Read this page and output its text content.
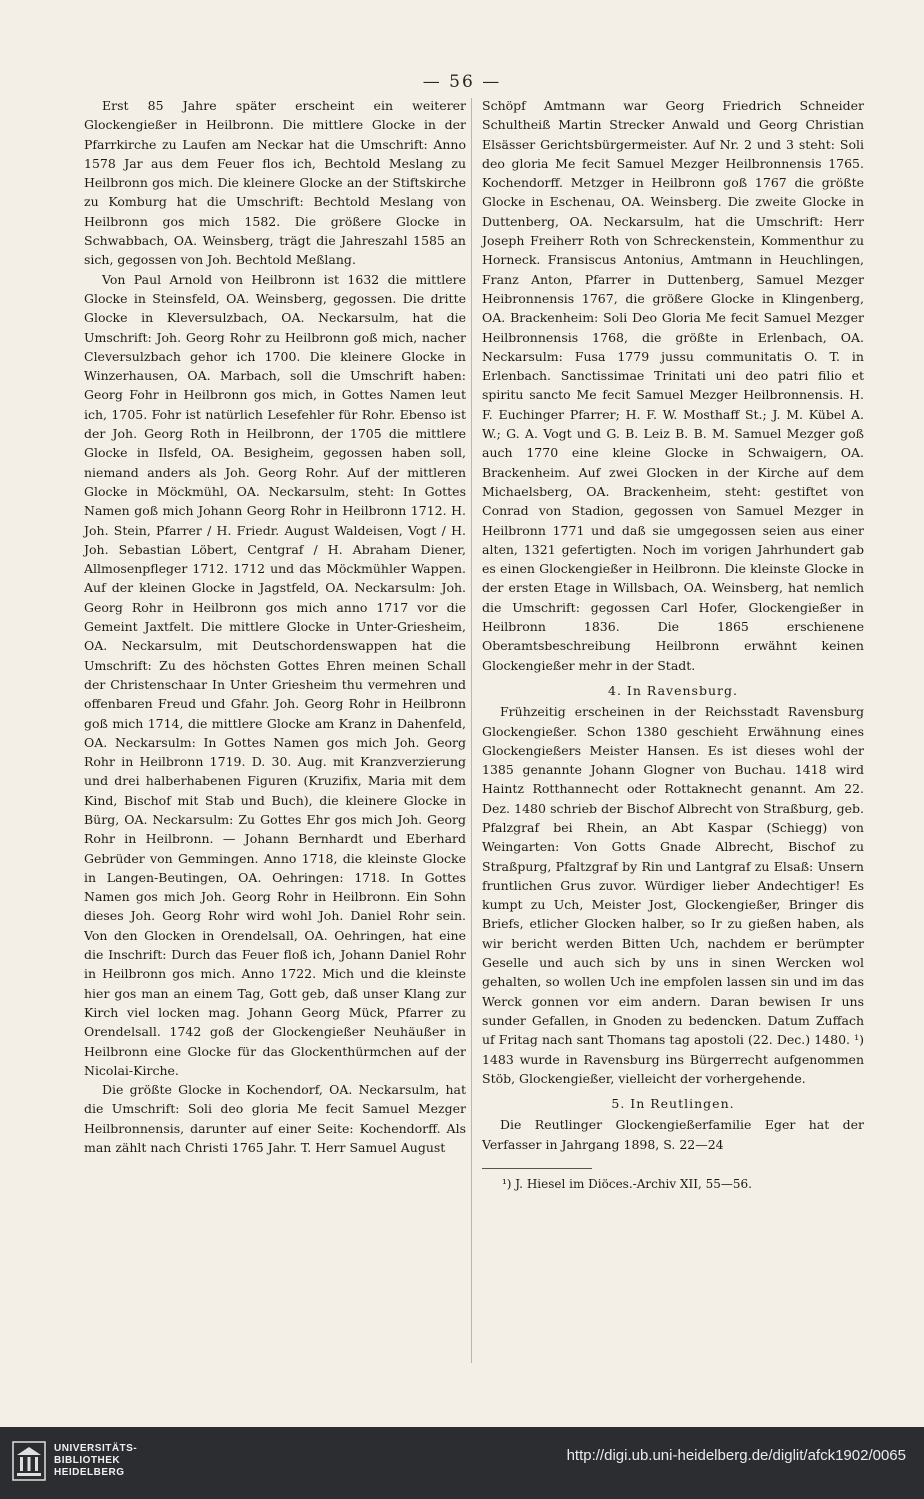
— 56 —

Erst 85 Jahre später erscheint ein weiterer Glockengießer in Heilbronn. Die mittlere Glocke in der Pfarrkirche zu Laufen am Neckar hat die Umschrift: Anno 1578 Jar aus dem Feuer flos ich, Bechtold Meslang zu Heilbronn gos mich. Die kleinere Glocke an der Stiftskirche zu Komburg hat die Umschrift: Bechtold Meslang von Heilbronn gos mich 1582. Die größere Glocke in Schwabbach, OA. Weinsberg, trägt die Jahreszahl 1585 an sich, gegossen von Joh. Bechtold Meßlang.

Von Paul Arnold von Heilbronn ist 1632 die mittlere Glocke in Steinsfeld, OA. Weinsberg, gegossen. Die dritte Glocke in Kleversulzbach, OA. Neckarsulm, hat die Umschrift: Joh. Georg Rohr zu Heilbronn goß mich, nacher Cleversulzbach gehor ich 1700. Die kleinere Glocke in Winzerhausen, OA. Marbach, soll die Umschrift haben: Georg Fohr in Heilbronn gos mich, in Gottes Namen leut ich, 1705. Fohr ist natürlich Lesefehler für Rohr. Ebenso ist der Joh. Georg Roth in Heilbronn, der 1705 die mittlere Glocke in Ilsfeld, OA. Besigheim, gegossen haben soll, niemand anders als Joh. Georg Rohr. Auf der mittleren Glocke in Möckmühl, OA. Neckarsulm, steht: In Gottes Namen goß mich Johann Georg Rohr in Heilbronn 1712. H. Joh. Stein, Pfarrer / H. Friedr. August Waldeisen, Vogt / H. Joh. Sebastian Löbert, Centgraf / H. Abraham Diener, Allmosenpfleger 1712. 1712 und das Möckmühler Wappen. Auf der kleinen Glocke in Jagstfeld, OA. Neckarsulm: Joh. Georg Rohr in Heilbronn gos mich anno 1717 vor die Gemeint Jaxtfelt. Die mittlere Glocke in Unter-Griesheim, OA. Neckarsulm, mit Deutschordenswappen hat die Umschrift: Zu des höchsten Gottes Ehren meinen Schall der Christenschaar In Unter Griesheim thu vermehren und offenbaren Freud und Gfahr. Joh. Georg Rohr in Heilbronn goß mich 1714, die mittlere Glocke am Kranz in Dahenfeld, OA. Neckarsulm: In Gottes Namen gos mich Joh. Georg Rohr in Heilbronn 1719. D. 30. Aug. mit Kranzverzierung und drei halberhabenen Figuren (Kruzifix, Maria mit dem Kind, Bischof mit Stab und Buch), die kleinere Glocke in Bürg, OA. Neckarsulm: Zu Gottes Ehr gos mich Joh. Georg Rohr in Heilbronn. — Johann Bernhardt und Eberhard Gebrüder von Gemmingen. Anno 1718, die kleinste Glocke in Langen-Beutingen, OA. Oehringen: 1718. In Gottes Namen gos mich Joh. Georg Rohr in Heilbronn. Ein Sohn dieses Joh. Georg Rohr wird wohl Joh. Daniel Rohr sein. Von den Glocken in Orendelsall, OA. Oehringen, hat eine die Inschrift: Durch das Feuer floß ich, Johann Daniel Rohr in Heilbronn gos mich. Anno 1722. Mich und die kleinste hier gos man an einem Tag, Gott geb, daß unser Klang zur Kirch viel locken mag. Johann Georg Mück, Pfarrer zu Orendelsall. 1742 goß der Glockengießer Neuhäußer in Heilbronn eine Glocke für das Glockenthürmchen auf der Nicolai-Kirche.

Die größte Glocke in Kochendorf, OA. Neckarsulm, hat die Umschrift: Soli deo gloria Me fecit Samuel Mezger Heilbronnensis, darunter auf einer Seite: Kochendorff. Als man zählt nach Christi 1765 Jahr. T. Herr Samuel August

Schöpf Amtmann war Georg Friedrich Schneider Schultheiß Martin Strecker Anwald und Georg Christian Elsässer Gerichtsbürgermeister. Auf Nr. 2 und 3 steht: Soli deo gloria Me fecit Samuel Mezger Heilbronnensis 1765. Kochendorff. Metzger in Heilbronn goß 1767 die größte Glocke in Eschenau, OA. Weinsberg. Die zweite Glocke in Duttenberg, OA. Neckarsulm, hat die Umschrift: Herr Joseph Freiherr Roth von Schreckenstein, Kommenthur zu Horneck. Fransiscus Antonius, Amtmann in Heuchlingen, Franz Anton, Pfarrer in Duttenberg, Samuel Mezger Heibronnensis 1767, die größere Glocke in Klingenberg, OA. Brackenheim: Soli Deo Gloria Me fecit Samuel Mezger Heilbronnensis 1768, die größte in Erlenbach, OA. Neckarsulm: Fusa 1779 jussu communitatis O. T. in Erlenbach. Sanctissimae Trinitati uni deo patri filio et spiritu sancto Me fecit Samuel Mezger Heilbronnensis. H. F. Euchinger Pfarrer; H. F. W. Mosthaff St.; J. M. Kübel A. W.; G. A. Vogt und G. B. Leiz B. B. M. Samuel Mezger goß auch 1770 eine kleine Glocke in Schwaigern, OA. Brackenheim. Auf zwei Glocken in der Kirche auf dem Michaelsberg, OA. Brackenheim, steht: gestiftet von Conrad von Stadion, gegossen von Samuel Mezger in Heilbronn 1771 und daß sie umgegossen seien aus einer alten, 1321 gefertigten. Noch im vorigen Jahrhundert gab es einen Glockengießer in Heilbronn. Die kleinste Glocke in der ersten Etage in Willsbach, OA. Weinsberg, hat nemlich die Umschrift: gegossen Carl Hofer, Glockengießer in Heilbronn 1836. Die 1865 erschienene Oberamtsbeschreibung Heilbronn erwähnt keinen Glockengießer mehr in der Stadt.

4. In Ravensburg.

Frühzeitig erscheinen in der Reichsstadt Ravensburg Glockengießer. Schon 1380 geschieht Erwähnung eines Glockengießers Meister Hansen. Es ist dieses wohl der 1385 genannte Johann Glogner von Buchau. 1418 wird Haintz Rotthannecht oder Rottaknecht genannt. Am 22. Dez. 1480 schrieb der Bischof Albrecht von Straßburg, geb. Pfalzgraf bei Rhein, an Abt Kaspar (Schiegg) von Weingarten: Von Gotts Gnade Albrecht, Bischof zu Straßpurg, Pfaltzgraf by Rin und Lantgraf zu Elsaß: Unsern fruntlichen Grus zuvor. Würdiger lieber Andechtiger! Es kumpt zu Uch, Meister Jost, Glockengießer, Bringer dis Briefs, etlicher Glocken halber, so Ir zu gießen haben, als wir bericht werden Bitten Uch, nachdem er berümpter Geselle und auch sich by uns in sinen Wercken wol gehalten, so wollen Uch ine empfolen lassen sin und im das Werck gonnen vor eim andern. Daran bewisen Ir uns sunder Gefallen, in Gnoden zu bedencken. Datum Zuffach uf Fritag nach sant Thomans tag apostoli (22. Dec.) 1480. ¹) 1483 wurde in Ravensburg ins Bürgerrecht aufgenommen Stöb, Glockengießer, vielleicht der vorhergehende.

5. In Reutlingen.

Die Reutlinger Glockengießerfamilie Eger hat der Verfasser in Jahrgang 1898, S. 22—24

¹) J. Hiesel im Diöces.-Archiv XII, 55—56.
UNIVERSITÄTS-
BIBLIOTHEK
HEIDELBERG
http://digi.ub.uni-heidelberg.de/diglit/afck1902/0065
